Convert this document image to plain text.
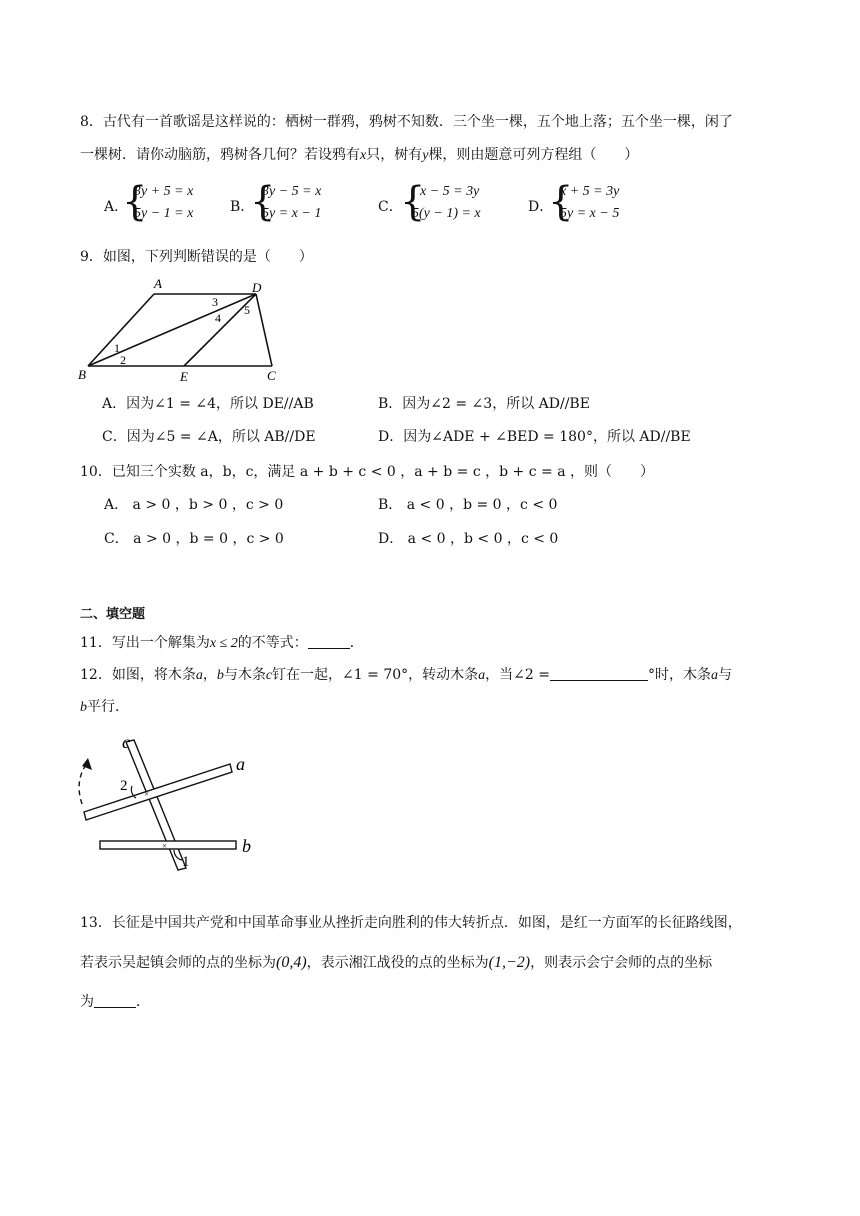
8．古代有一首歌谣是这样说的：栖树一群鸦，鸦树不知数．三个坐一棵，五个地上落；五个坐一棵，闲了
一棵树．请你动脑筋，鸦树各几何？若设鸦有x只，树有y棵，则由题意可列方程组（　　）
A．
{
3y + 5 = x
5y − 1 = x	B．
{
3y − 5 = x
5y = x − 1	C．
{
x − 5 = 3y
5(y − 1) = x	D．
{
x + 5 = 3y
5y = x − 5
9．如图，下列判断错误的是（　　）
A	D
B	E	C
1
2
3
4
5
A．因为∠1 = ∠4，所以 DE//AB	B．因为∠2 = ∠3，所以 AD//BE
C．因为∠5 = ∠A，所以 AB//DE	D．因为∠ADE + ∠BED = 180°，所以 AD//BE
10．已知三个实数 a，b，c，满足 a + b + c < 0 ，a + b = c ，b + c = a ，则（　　）
A． a > 0 ，b > 0 ，c > 0	B． a < 0 ，b = 0 ，c < 0
C． a > 0 ，b = 0 ，c > 0	D． a < 0 ，b < 0 ，c < 0
二、填空题
11．写出一个解集为x ≤ 2的不等式：	．
12．如图，将木条a，b与木条c钉在一起，∠1 = 70°，转动木条a，当∠2 =	°时，木条a与
b平行．
×
×
c
a
b
2
1
13．长征是中国共产党和中国革命事业从挫折走向胜利的伟大转折点．如图，是红一方面军的长征路线图，
若表示吴起镇会师的点的坐标为(0,4)，表示湘江战役的点的坐标为(1,−2)，则表示会宁会师的点的坐标
为	．
